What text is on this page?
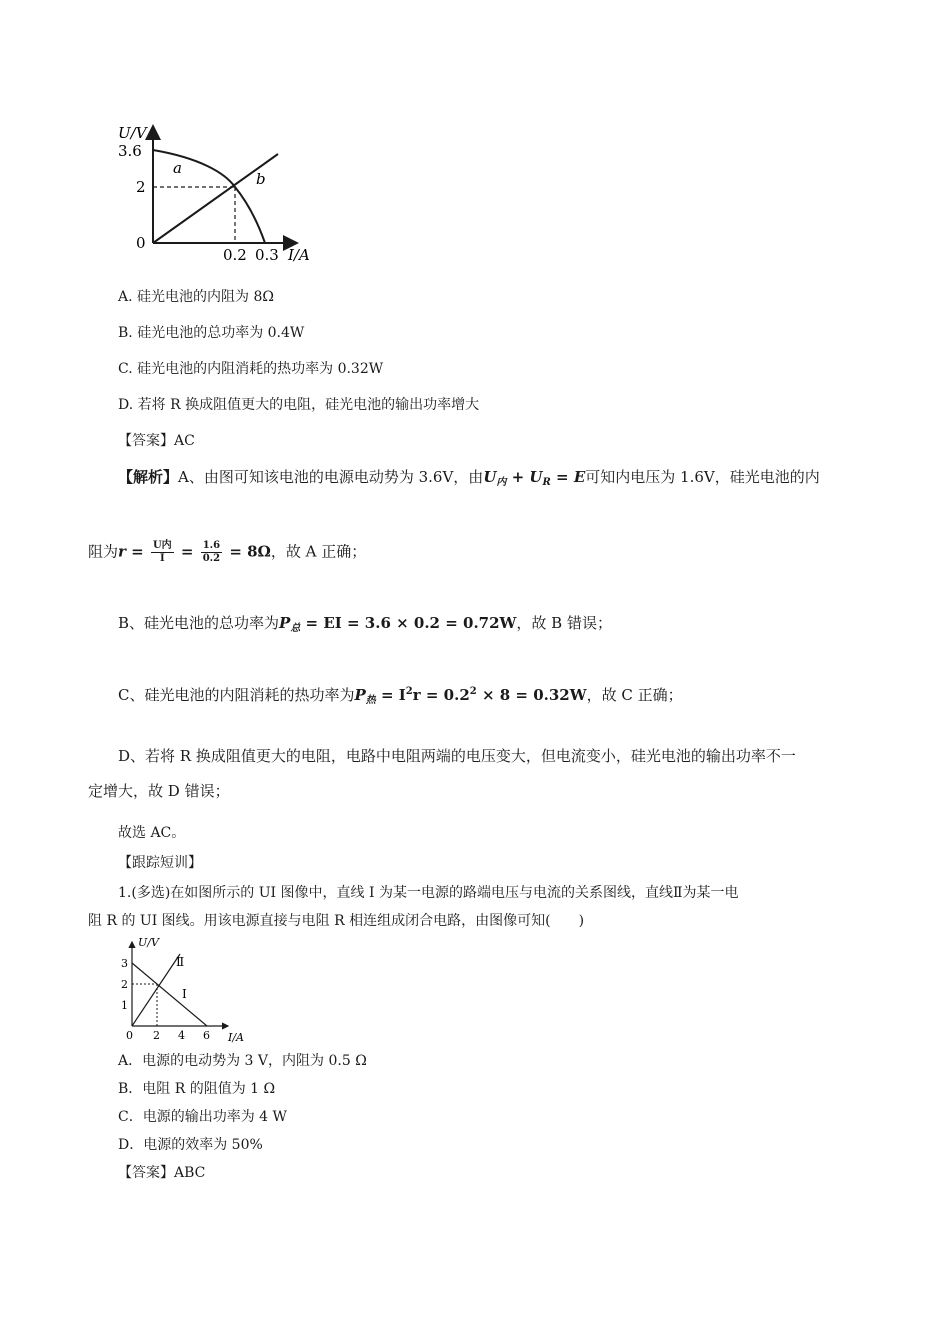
U/V
3.6
2
0
0.2 0.3 I/A
a
b
A. 硅光电池的内阻为 8Ω
B. 硅光电池的总功率为 0.4W
C. 硅光电池的内阻消耗的热功率为 0.32W
D. 若将 R 换成阻值更大的电阻，硅光电池的输出功率增大
【答案】AC
【解析】A、由图可知该电池的电源电动势为 3.6V，由$U_内 + U_R = E$可知内电压为 1.6V，硅光电池的内
阻为$r = \frac{\text{U内}}{I} = \frac{1.6}{0.2} = 8\Omega$，故 A 正确；
B、硅光电池的总功率为$P_总$ = EI = 3.6 × 0.2 = 0.72W，故 B 错误；
C、硅光电池的内阻消耗的热功率为$P_热 = I^2r = 0.2^2 \times 8 = 0.32W$，故 C 正确；
D、若将 R 换成阻值更大的电阻，电路中电阻两端的电压变大，但电流变小，硅光电池的输出功率不一
定增大，故 D 错误；
故选 AC。
【跟踪短训】
1.(多选)在如图所示的 UI 图像中，直线 Ⅰ 为某一电源的路端电压与电流的关系图线，直线Ⅱ为某一电
阻 R 的 UI 图线。用该电源直接与电阻 R 相连组成闭合电路，由图像可知(　　)
U/V
3
2
1
0 2 4 6 I/A
Ⅰ
Ⅱ
A．电源的电动势为 3 V，内阻为 0.5 Ω
B．电阻 R 的阻值为 1 Ω
C．电源的输出功率为 4 W
D．电源的效率为 50%
【答案】ABC
